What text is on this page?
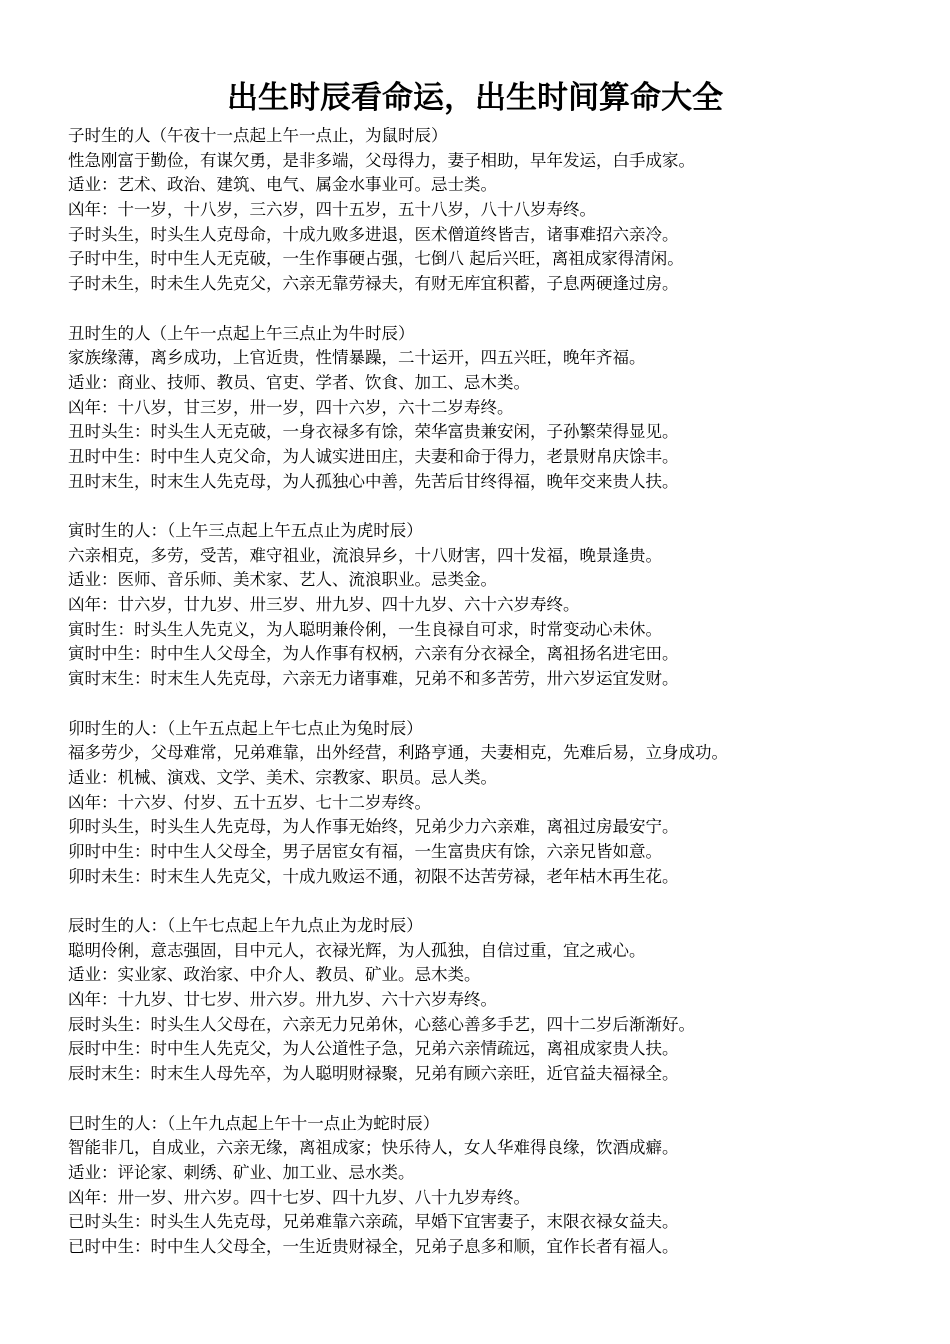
出生时辰看命运，出生时间算命大全
子时生的人（午夜十一点起上午一点止，为鼠时辰）
性急刚富于勤俭，有谋欠勇，是非多端，父母得力，妻子相助，早年发运，白手成家。
适业：艺术、政治、建筑、电气、属金水事业可。忌士类。
凶年：十一岁，十八岁，三六岁，四十五岁，五十八岁，八十八岁寿终。
子时头生，时头生人克母命，十成九败多进退，医术僧道终皆吉，诸事难招六亲冷。
子时中生，时中生人无克破，一生作事硬占强，七倒八 起后兴旺，离祖成家得清闲。
子时未生，时未生人先克父，六亲无靠劳禄夫，有财无库宜积蓄，子息两硬逢过房。
丑时生的人（上午一点起上午三点止为牛时辰）
家族缘薄，离乡成功，上官近贵，性情暴躁，二十运开，四五兴旺，晚年齐福。
适业：商业、技师、教员、官吏、学者、饮食、加工、忌木类。
凶年：十八岁，甘三岁，卅一岁，四十六岁，六十二岁寿终。
丑时头生：时头生人无克破，一身衣禄多有馀，荣华富贵兼安闲，子孙繁荣得显见。
丑时中生：时中生人克父命，为人诚实进田庄，夫妻和命于得力，老景财帛庆馀丰。
丑时末生，时末生人先克母，为人孤独心中善，先苦后甘终得福，晚年交来贵人扶。
寅时生的人：（上午三点起上午五点止为虎时辰）
六亲相克，多劳，受苦，难守祖业，流浪异乡，十八财害，四十发福，晚景逢贵。
适业：医师、音乐师、美术家、艺人、流浪职业。忌类金。
凶年：廿六岁，廿九岁、卅三岁、卅九岁、四十九岁、六十六岁寿终。
寅时生：时头生人先克义，为人聪明兼伶俐，一生良禄自可求，时常变动心未休。
寅时中生：时中生人父母全，为人作事有权柄，六亲有分衣禄全，离祖扬名进宅田。
寅时末生：时末生人先克母，六亲无力诸事难，兄弟不和多苦劳，卅六岁运宜发财。
卯时生的人：（上午五点起上午七点止为兔时辰）
福多劳少，父母难常，兄弟难靠，出外经营，利路亨通，夫妻相克，先难后易，立身成功。
适业：机械、演戏、文学、美术、宗教家、职员。忌人类。
凶年：十六岁、付岁、五十五岁、七十二岁寿终。
卯时头生，时头生人先克母，为人作事无始终，兄弟少力六亲难，离祖过房最安宁。
卯时中生：时中生人父母全，男子居宦女有福，一生富贵庆有馀，六亲兄皆如意。
卯时未生：时末生人先克父，十成九败运不通，初限不达苦劳禄，老年枯木再生花。
辰时生的人：（上午七点起上午九点止为龙时辰）
聪明伶俐，意志强固，目中元人，衣禄光辉，为人孤独，自信过重，宜之戒心。
适业：实业家、政治家、中介人、教员、矿业。忌木类。
凶年：十九岁、廿七岁、卅六岁。卅九岁、六十六岁寿终。
辰时头生：时头生人父母在，六亲无力兄弟休，心慈心善多手艺，四十二岁后渐渐好。
辰时中生：时中生人先克父，为人公道性子急，兄弟六亲情疏远，离祖成家贵人扶。
辰时末生：时末生人母先卒，为人聪明财禄聚，兄弟有顾六亲旺，近官益夫福禄全。
巳时生的人：（上午九点起上午十一点止为蛇时辰）
智能非几，自成业，六亲无缘，离祖成家；快乐待人，女人华难得良缘，饮酒成癖。
适业：评论家、刺绣、矿业、加工业、忌水类。
凶年：卅一岁、卅六岁。四十七岁、四十九岁、八十九岁寿终。
已时头生：时头生人先克母，兄弟难靠六亲疏，早婚下宜害妻子，末限衣禄女益夫。
已时中生：时中生人父母全，一生近贵财禄全，兄弟子息多和顺，宜作长者有福人。
